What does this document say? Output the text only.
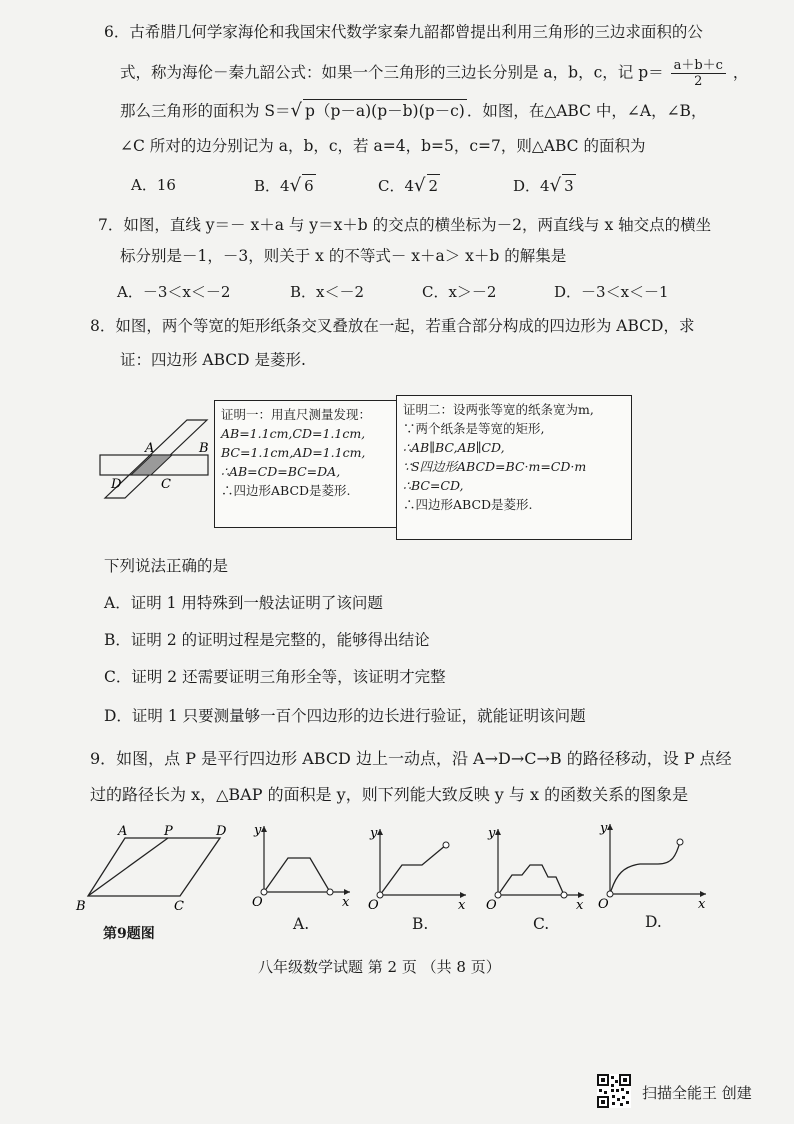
6．古希腊几何学家海伦和我国宋代数学家秦九韶都曾提出利用三角形的三边求面积的公
式，称为海伦－秦九韶公式：如果一个三角形的三边长分别是 a，b，c，记 $p= \frac{a+b+c}{2}$ ，
那么三角形的面积为 S＝√ p（p－a)(p－b)(p－c) ．如图，在△ABC 中，∠A，∠B，
∠C 所对的边分别记为 a，b，c，若 a=4，b=5，c=7，则△ABC 的面积为
A．16	B．4√ 6	C．4√ 2	D．4√ 3
7．如图，直线 y＝－ x＋a 与 y＝x＋b 的交点的横坐标为－2，两直线与 x 轴交点的横坐
标分别是－1，－3，则关于 x 的不等式－ x＋a＞ x＋b 的解集是
A．－3＜x＜－2	B．x＜－2	C．x＞－2	D．－3＜x＜－1
8．如图，两个等宽的矩形纸条交叉叠放在一起，若重合部分构成的四边形为 ABCD，求
证：四边形 ABCD 是菱形.
A	B
D	C
证明一：用直尺测量发现：
AB=1.1cm,CD=1.1cm,
BC=1.1cm,AD=1.1cm,
∴AB=CD=BC=DA,
∴四边形ABCD是菱形.
证明二：设两张等宽的纸条宽为m,
∵两个纸条是等宽的矩形,
∴AB∥BC,AB∥CD,
∵S四边形ABCD=BC·m=CD·m
∴BC=CD,
∴四边形ABCD是菱形.
下列说法正确的是
A．证明 1 用特殊到一般法证明了该问题
B．证明 2 的证明过程是完整的，能够得出结论
C．证明 2 还需要证明三角形全等，该证明才完整
D．证明 1 只要测量够一百个四边形的边长进行验证，就能证明该问题
9．如图，点 P 是平行四边形 ABCD 边上一动点，沿 A→D→C→B 的路径移动，设 P 点经
过的路径长为 x，△BAP 的面积是 y，则下列能大致反映 y 与 x 的函数关系的图象是
A	P	D
B	C
第9题图
O
y
x
A.
O
y
x
B.
O
y
x
C.
O
y
x
D.
八年级数学试题 第 2 页 （共 8 页）
扫描全能王 创建
